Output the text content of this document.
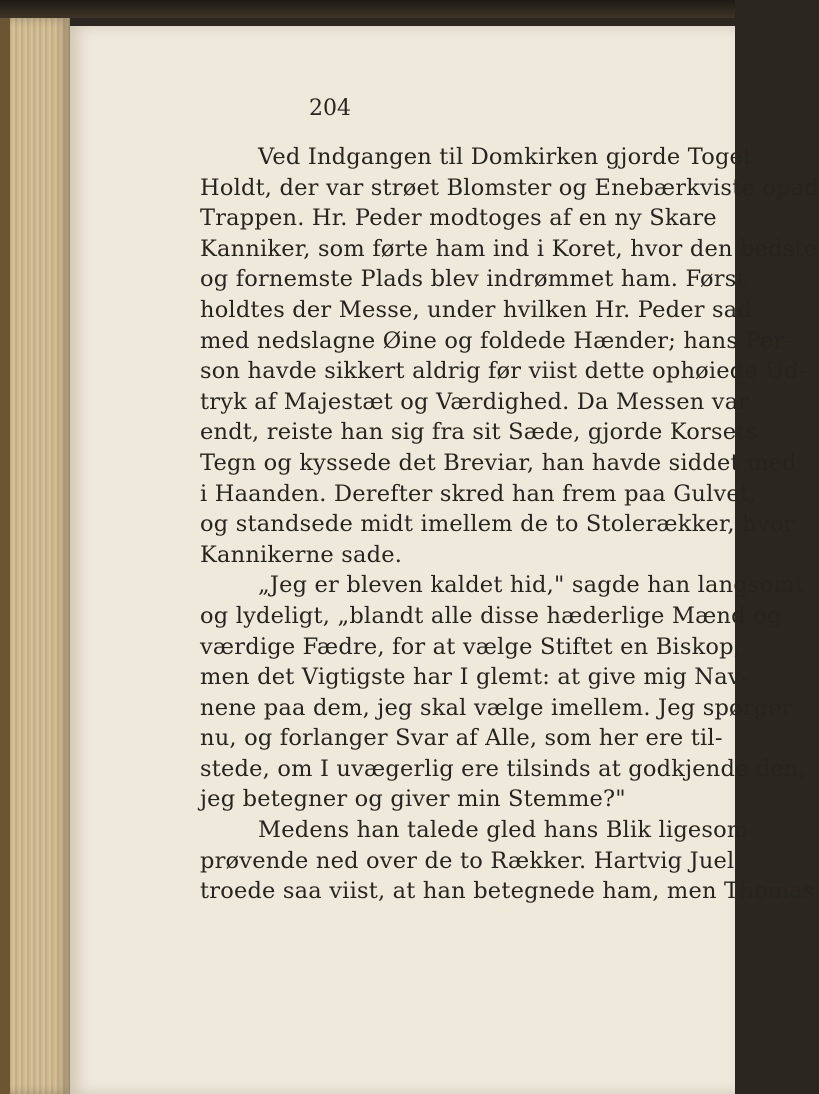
204
Ved Indgangen til Domkirken gjorde Toget
Holdt, der var strøet Blomster og Enebærkviste opad
Trappen. Hr. Peder modtoges af en ny Skare
Kanniker, som førte ham ind i Koret, hvor den bedste
og fornemste Plads blev indrømmet ham. Først
holdtes der Messe, under hvilken Hr. Peder sad
med nedslagne Øine og foldede Hænder; hans Per-
son havde sikkert aldrig før viist dette ophøiede Ud-
tryk af Majestæt og Værdighed. Da Messen var
endt, reiste han sig fra sit Sæde, gjorde Korsets
Tegn og kyssede det Breviar, han havde siddet med
i Haanden. Derefter skred han frem paa Gulvet,
og standsede midt imellem de to Stolerækker, hvor
Kannikerne sade.
„Jeg er bleven kaldet hid," sagde han langsomt
og lydeligt, „blandt alle disse hæderlige Mænd og
værdige Fædre, for at vælge Stiftet en Biskop,
men det Vigtigste har I glemt: at give mig Nav-
nene paa dem, jeg skal vælge imellem. Jeg spørger
nu, og forlanger Svar af Alle, som her ere til-
stede, om I uvægerlig ere tilsinds at godkjende den,
jeg betegner og giver min Stemme?"
Medens han talede gled hans Blik ligesom
prøvende ned over de to Rækker. Hartvig Juel
troede saa viist, at han betegnede ham, men Thomas
